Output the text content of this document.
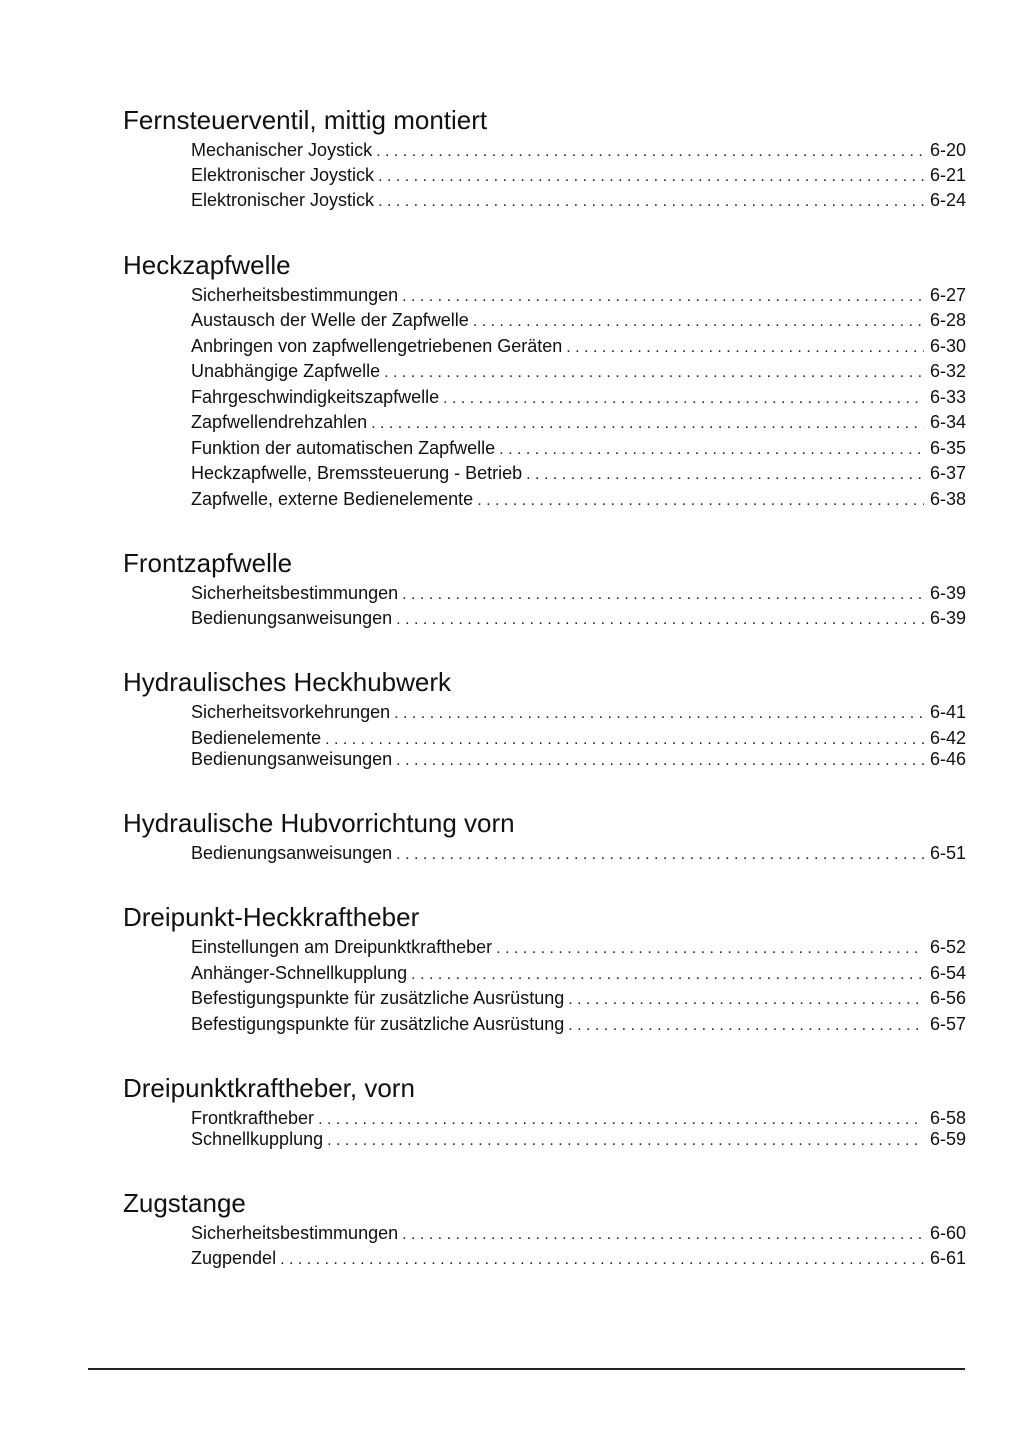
Fernsteuerventil, mittig montiert
Mechanischer Joystick . . .	6-20
Elektronischer Joystick . . .	6-21
Elektronischer Joystick . . .	6-24
Heckzapfwelle
Sicherheitsbestimmungen . . .	6-27
Austausch der Welle der Zapfwelle . . .	6-28
Anbringen von zapfwellengetriebenen Geräten . . .	6-30
Unabhängige Zapfwelle . . .	6-32
Fahrgeschwindigkeitszapfwelle . . .	6-33
Zapfwellendrehzahlen . . .	6-34
Funktion der automatischen Zapfwelle . . .	6-35
Heckzapfwelle, Bremssteuerung - Betrieb . . .	6-37
Zapfwelle, externe Bedienelemente . . .	6-38
Frontzapfwelle
Sicherheitsbestimmungen . . .	6-39
Bedienungsanweisungen . . .	6-39
Hydraulisches Heckhubwerk
Sicherheitsvorkehrungen . . .	6-41
Bedienelemente . . .	6-42
Bedienungsanweisungen . . .	6-46
Hydraulische Hubvorrichtung vorn
Bedienungsanweisungen . . .	6-51
Dreipunkt-Heckkraftheber
Einstellungen am Dreipunktkraftheber . . .	6-52
Anhänger-Schnellkupplung . . .	6-54
Befestigungspunkte für zusätzliche Ausrüstung . . .	6-56
Befestigungspunkte für zusätzliche Ausrüstung . . .	6-57
Dreipunktkraftheber, vorn
Frontkraftheber . . .	6-58
Schnellkupplung . . .	6-59
Zugstange
Sicherheitsbestimmungen . . .	6-60
Zugpendel . . .	6-61
